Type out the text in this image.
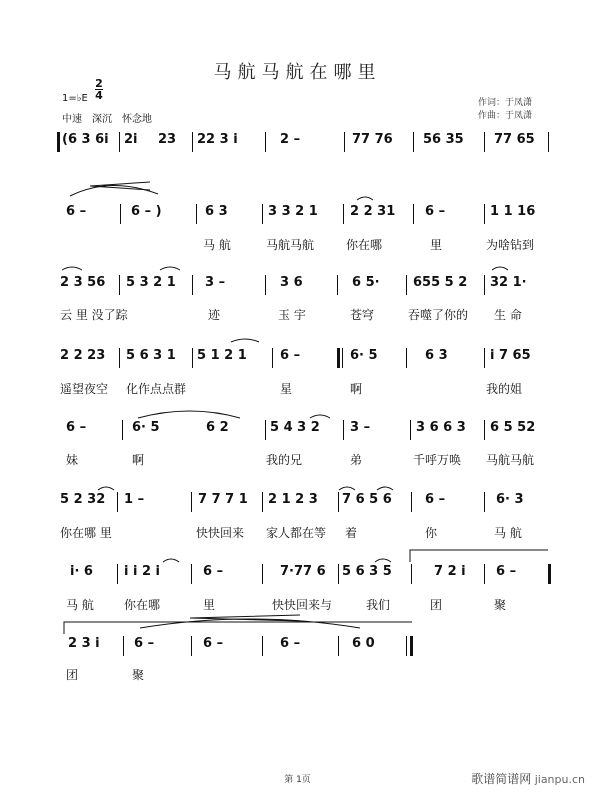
马航马航在哪里
1=♭E
2
4
中速　深沉　怀念地
作词：于凤潇
作曲：于凤潇
(6 3 6i 2i 23 22 3 i	2 –	77 76 56 35 77 65
6 –	6 – )	6 3	3 3 2 1 2 2 31 6 –	1 1 16
马 航	马航马航	你在哪	里	为啥钻到
2 3 56 5 3 2 1 3 –	3 6	6 5·	655 5 2 32 1·
云 里 没了踪	迹	玉 宇	苍穹	吞噬了你的 生 命
2 2 23 5 6 3 1 5 1 2 1	6 –	6· 5	6 3	i 7 65
遥望夜空 化作点点群	星	啊	我的姐
6 –	6· 5	6 2	5 4 3 2 3 –	3 6 6 3 6 5 52
妹	啊	我的兄	弟	千呼万唤 马航马航
5 2 32 1 –	7 7 7 1 2 1 2 3 7 6 5 6	6 –	6· 3
你在哪 里	快快回来 家人都在等 着	你	马 航
i· 6 i i 2 i	6 –	7·77 6 5 6 3 5	7 2 i 6 –
马 航	你在哪	里	快快回来与	我们	团	聚
2 3 i	6 –	6 –	6 –	6 0
团	聚
第 1页	歌谱简谱网 jianpu.cn
